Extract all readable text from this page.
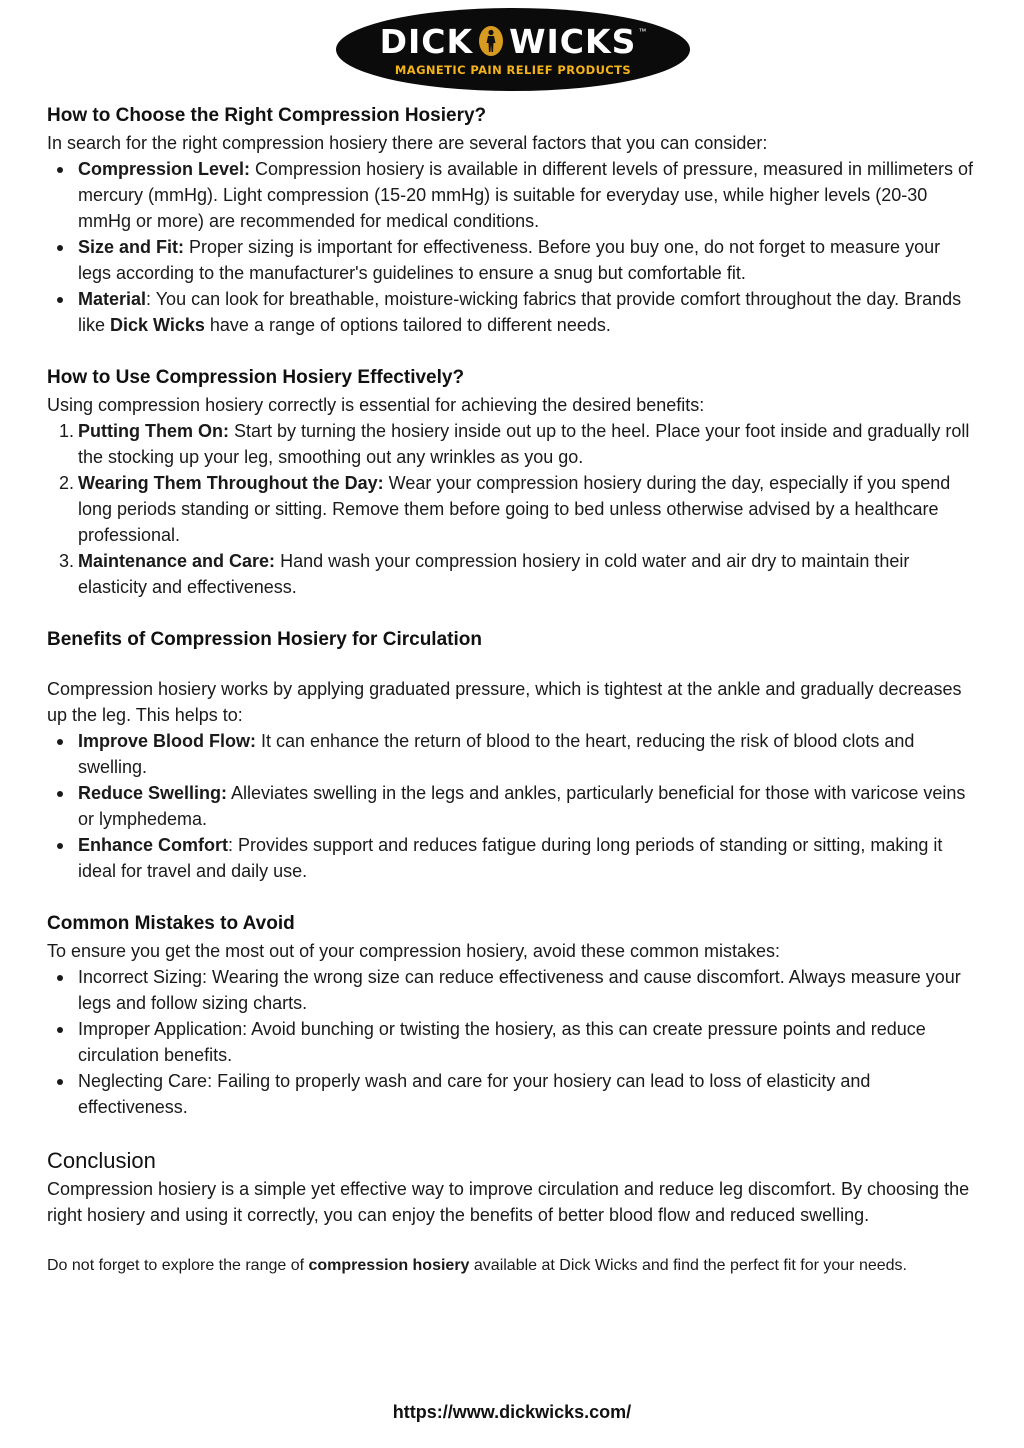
DICK WICKS ™
MAGNETIC PAIN RELIEF PRODUCTS
How to Choose the Right Compression Hosiery?

In search for the right compression hosiery there are several factors that you can consider:

Compression Level: Compression hosiery is available in different levels of pressure, measured in millimeters of mercury (mmHg). Light compression (15-20 mmHg) is suitable for everyday use, while higher levels (20-30 mmHg or more) are recommended for medical conditions.
Size and Fit: Proper sizing is important for effectiveness. Before you buy one, do not forget to measure your legs according to the manufacturer's guidelines to ensure a snug but comfortable fit.
Material: You can look for breathable, moisture-wicking fabrics that provide comfort throughout the day. Brands like Dick Wicks have a range of options tailored to different needs.
How to Use Compression Hosiery Effectively?

Using compression hosiery correctly is essential for achieving the desired benefits:

1. Putting Them On: Start by turning the hosiery inside out up to the heel. Place your foot inside and gradually roll the stocking up your leg, smoothing out any wrinkles as you go.
2. Wearing Them Throughout the Day: Wear your compression hosiery during the day, especially if you spend long periods standing or sitting. Remove them before going to bed unless otherwise advised by a healthcare professional.
3. Maintenance and Care: Hand wash your compression hosiery in cold water and air dry to maintain their elasticity and effectiveness.
Benefits of Compression Hosiery for Circulation

Compression hosiery works by applying graduated pressure, which is tightest at the ankle and gradually decreases up the leg. This helps to:

Improve Blood Flow: It can enhance the return of blood to the heart, reducing the risk of blood clots and swelling.
Reduce Swelling: Alleviates swelling in the legs and ankles, particularly beneficial for those with varicose veins or lymphedema.
Enhance Comfort: Provides support and reduces fatigue during long periods of standing or sitting, making it ideal for travel and daily use.
Common Mistakes to Avoid

To ensure you get the most out of your compression hosiery, avoid these common mistakes:

Incorrect Sizing: Wearing the wrong size can reduce effectiveness and cause discomfort. Always measure your legs and follow sizing charts.
Improper Application: Avoid bunching or twisting the hosiery, as this can create pressure points and reduce circulation benefits.
Neglecting Care: Failing to properly wash and care for your hosiery can lead to loss of elasticity and effectiveness.
Conclusion

Compression hosiery is a simple yet effective way to improve circulation and reduce leg discomfort. By choosing the right hosiery and using it correctly, you can enjoy the benefits of better blood flow and reduced swelling.

Do not forget to explore the range of compression hosiery available at Dick Wicks and find the perfect fit for your needs.

https://www.dickwicks.com/
